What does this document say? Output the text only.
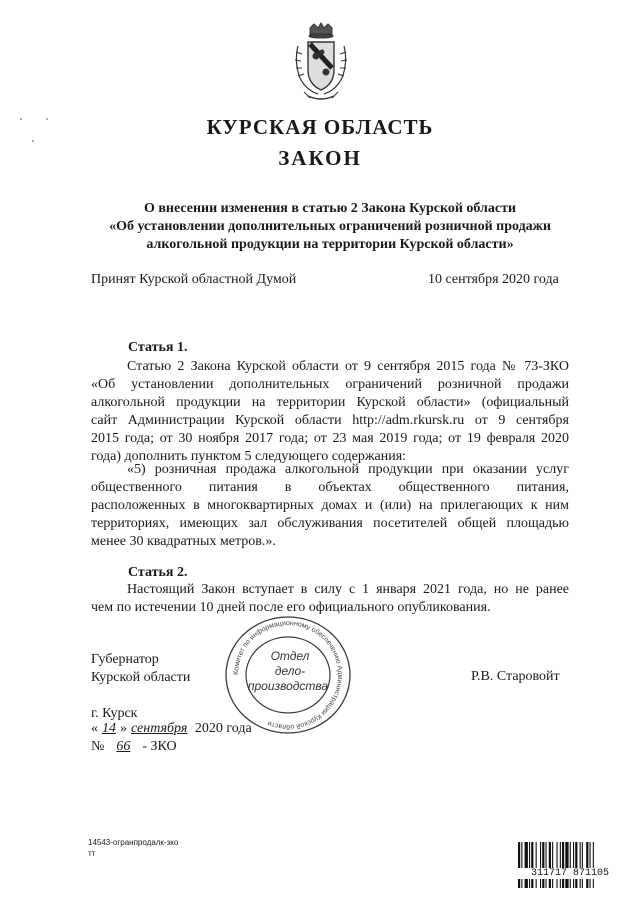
КУРСКАЯ ОБЛАСТЬ
ЗАКОН
О внесении изменения в статью 2 Закона Курской области
«Об установлении дополнительных ограничений розничной продажи
алкогольной продукции на территории Курской области»
Принят Курской областной Думой	10 сентября 2020 года
Статья 1.
Статью 2 Закона Курской области от 9 сентября 2015 года № 73-ЗКО
«Об установлении дополнительных ограничений розничной продажи
алкогольной продукции на территории Курской области» (официальный
сайт Администрации Курской области http://adm.rkursk.ru от 9 сентября
2015 года; от 30 ноября 2017 года; от 23 мая 2019 года; от 19 февраля 2020
года) дополнить пунктом 5 следующего содержания:
«5) розничная продажа алкогольной продукции при оказании услуг
общественного питания в объектах общественного питания,
расположенных в многоквартирных домах и (или) на прилегающих к ним
территориях, имеющих зал обслуживания посетителей общей площадью
менее 30 квадратных метров.».
Статья 2.
Настоящий Закон вступает в силу с 1 января 2021 года, но не ранее
чем по истечении 10 дней после его официального опубликования.
Комитет по информационному обеспечению Администрации Курской области
Отдел
дело-
производства
Губернатор
Курской области	Р.В. Старовойт
г. Курск
« 14 » сентября 2020 года
№ 66 - ЗКО
14543-огранпродалк-зко
тт
311717 871105
